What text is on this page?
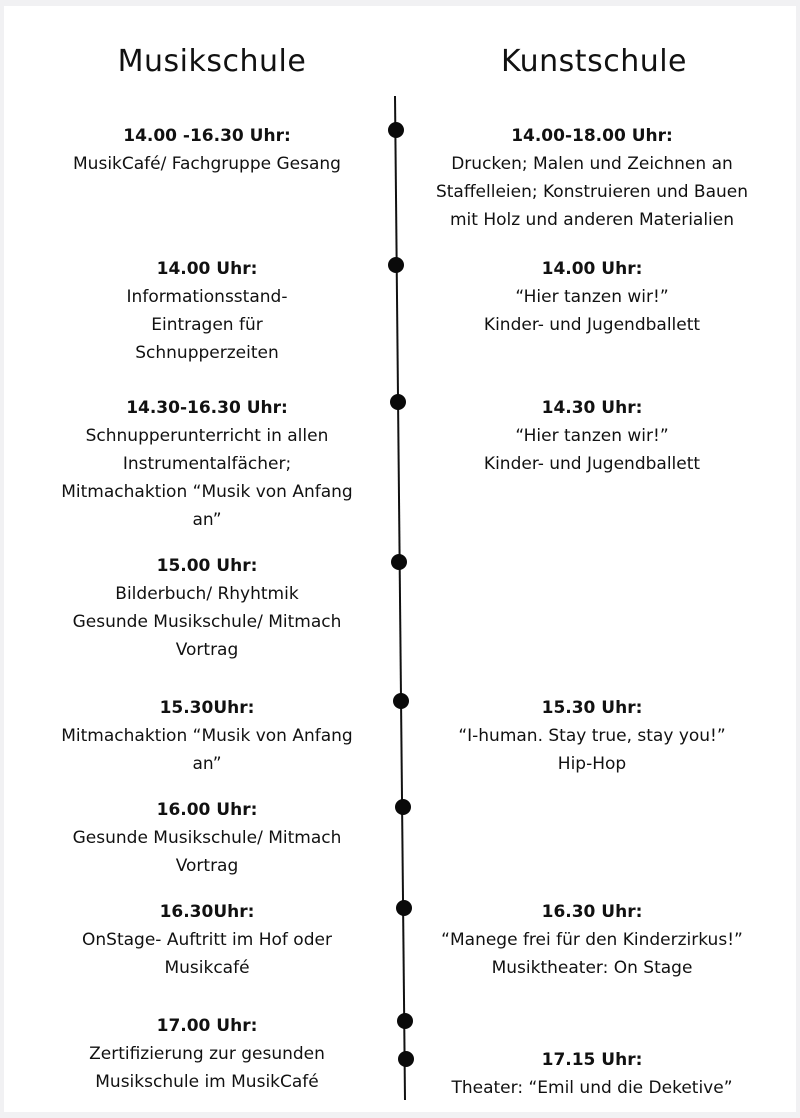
Musikschule	Kunstschule
14.00 -16.30 Uhr:
MusikCafé/ Fachgruppe Gesang
14.00 Uhr:
Informationsstand-
Eintragen für
Schnupperzeiten
14.30-16.30 Uhr:
Schnupperunterricht in allen
Instrumentalfächer;
Mitmachaktion “Musik von Anfang
an”
15.00 Uhr:
Bilderbuch/ Rhyhtmik
Gesunde Musikschule/ Mitmach
Vortrag
15.30Uhr:
Mitmachaktion “Musik von Anfang
an”
16.00 Uhr:
Gesunde Musikschule/ Mitmach
Vortrag
16.30Uhr:
OnStage- Auftritt im Hof oder
Musikcafé
17.00 Uhr:
Zertifizierung zur gesunden
Musikschule im MusikCafé
14.00-18.00 Uhr:
Drucken; Malen und Zeichnen an
Staffelleien; Konstruieren und Bauen
mit Holz und anderen Materialien
14.00 Uhr:
“Hier tanzen wir!”
Kinder- und Jugendballett
14.30 Uhr:
“Hier tanzen wir!”
Kinder- und Jugendballett
15.30 Uhr:
“I-human. Stay true, stay you!”
Hip-Hop
16.30 Uhr:
“Manege frei für den Kinderzirkus!”
Musiktheater: On Stage
17.15 Uhr:
Theater: “Emil und die Deketive”
